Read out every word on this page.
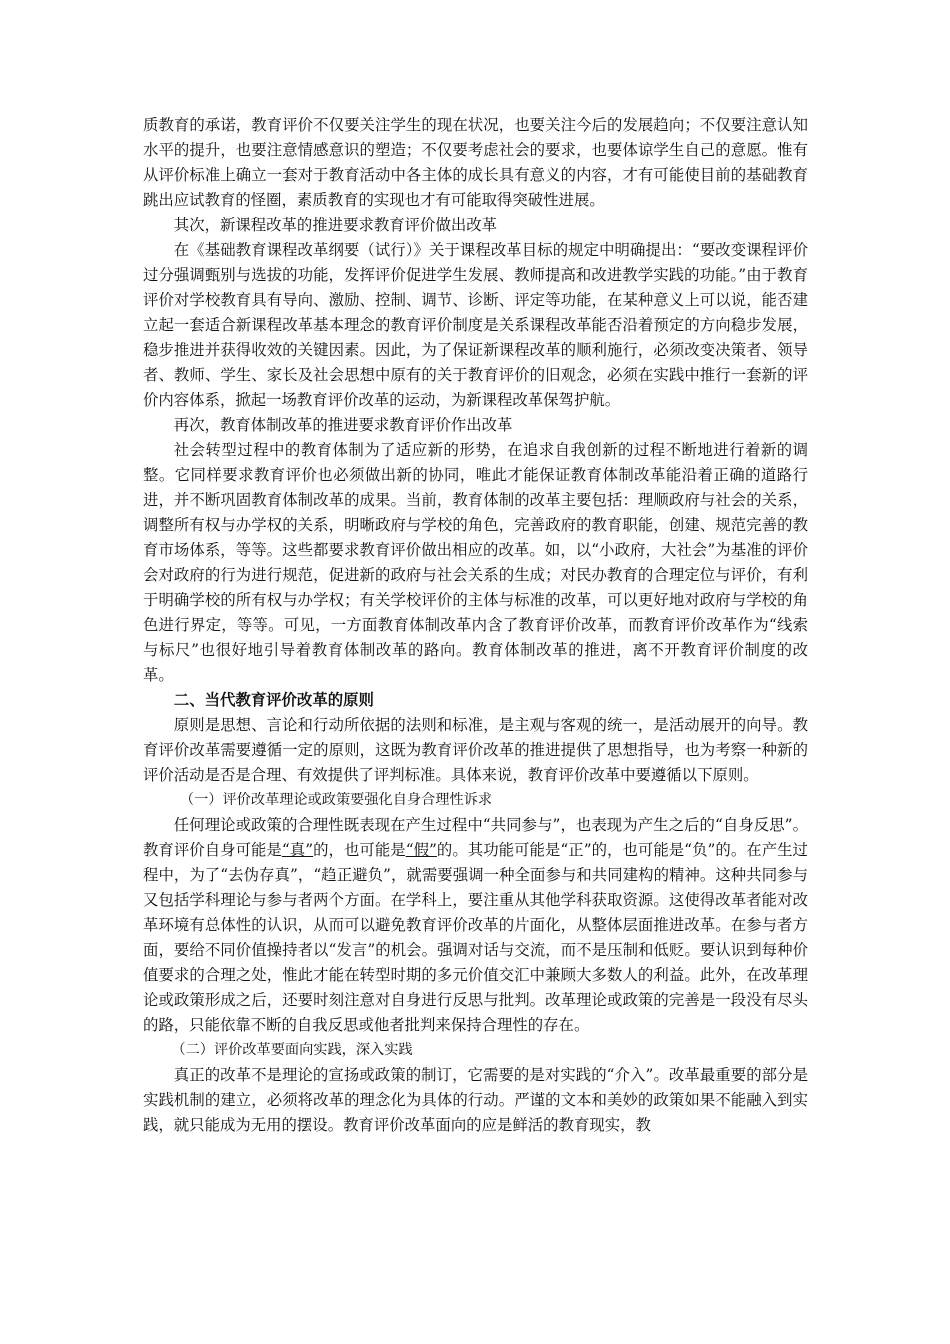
质教育的承诺，教育评价不仅要关注学生的现在状况，也要关注今后的发展趋向；不仅要注意认知水平的提升，也要注意情感意识的塑造；不仅要考虑社会的要求，也要体谅学生自己的意愿。惟有从评价标准上确立一套对于教育活动中各主体的成长具有意义的内容，才有可能使目前的基础教育跳出应试教育的怪圈，素质教育的实现也才有可能取得突破性进展。

其次，新课程改革的推进要求教育评价做出改革

在《基础教育课程改革纲要（试行）》关于课程改革目标的规定中明确提出：“要改变课程评价过分强调甄别与选拔的功能，发挥评价促进学生发展、教师提高和改进教学实践的功能。”由于教育评价对学校教育具有导向、激励、控制、调节、诊断、评定等功能，在某种意义上可以说，能否建立起一套适合新课程改革基本理念的教育评价制度是关系课程改革能否沿着预定的方向稳步发展，稳步推进并获得收效的关键因素。因此，为了保证新课程改革的顺利施行，必须改变决策者、领导者、教师、学生、家长及社会思想中原有的关于教育评价的旧观念，必须在实践中推行一套新的评价内容体系，掀起一场教育评价改革的运动，为新课程改革保驾护航。

再次，教育体制改革的推进要求教育评价作出改革

社会转型过程中的教育体制为了适应新的形势，在追求自我创新的过程不断地进行着新的调整。它同样要求教育评价也必须做出新的协同，唯此才能保证教育体制改革能沿着正确的道路行进，并不断巩固教育体制改革的成果。当前，教育体制的改革主要包括：理顺政府与社会的关系，调整所有权与办学权的关系，明晰政府与学校的角色，完善政府的教育职能，创建、规范完善的教育市场体系，等等。这些都要求教育评价做出相应的改革。如，以“小政府，大社会”为基准的评价会对政府的行为进行规范，促进新的政府与社会关系的生成；对民办教育的合理定位与评价，有利于明确学校的所有权与办学权；有关学校评价的主体与标准的改革，可以更好地对政府与学校的角色进行界定，等等。可见，一方面教育体制改革内含了教育评价改革，而教育评价改革作为“线索与标尺”也很好地引导着教育体制改革的路向。教育体制改革的推进，离不开教育评价制度的改革。

二、当代教育评价改革的原则

原则是思想、言论和行动所依据的法则和标准，是主观与客观的统一，是活动展开的向导。教育评价改革需要遵循一定的原则，这既为教育评价改革的推进提供了思想指导，也为考察一种新的评价活动是否是合理、有效提供了评判标准。具体来说，教育评价改革中要遵循以下原则。

（一）评价改革理论或政策要强化自身合理性诉求

任何理论或政策的合理性既表现在产生过程中“共同参与”，也表现为产生之后的“自身反思”。教育评价自身可能是“真”的，也可能是“假”的。其功能可能是“正”的，也可能是“负”的。在产生过程中，为了“去伪存真”，“趋正避负”，就需要强调一种全面参与和共同建构的精神。这种共同参与又包括学科理论与参与者两个方面。在学科上，要注重从其他学科获取资源。这使得改革者能对改革环境有总体性的认识，从而可以避免教育评价改革的片面化，从整体层面推进改革。在参与者方面，要给不同价值操持者以“发言”的机会。强调对话与交流，而不是压制和低贬。要认识到每种价值要求的合理之处，惟此才能在转型时期的多元价值交汇中兼顾大多数人的利益。此外，在改革理论或政策形成之后，还要时刻注意对自身进行反思与批判。改革理论或政策的完善是一段没有尽头的路，只能依靠不断的自我反思或他者批判来保持合理性的存在。

（二）评价改革要面向实践，深入实践

真正的改革不是理论的宣扬或政策的制订，它需要的是对实践的“介入”。改革最重要的部分是实践机制的建立，必须将改革的理念化为具体的行动。严谨的文本和美妙的政策如果不能融入到实践，就只能成为无用的摆设。教育评价改革面向的应是鲜活的教育现实，教
